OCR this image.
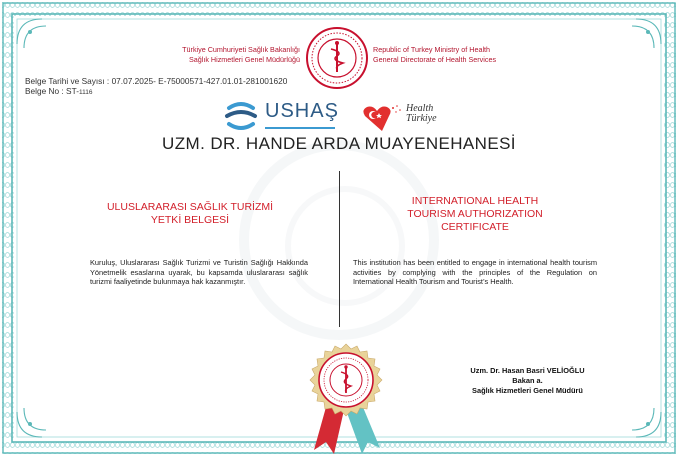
Türkiye Cumhuriyeti Sağlık Bakanlığı
Sağlık Hizmetleri Genel Müdürlüğü
Republic of Turkey Ministry of Health
General Directorate of Health Services
Belge Tarihi ve Sayısı : 07.07.2025- E-75000571-427.01.01-281001620
Belge No : ST-1116
USHAŞ	Health
Türkiye
UZM. DR. HANDE ARDA MUAYENEHANESİ
ULUSLARARASI SAĞLIK TURİZMİ
YETKİ BELGESİ
Kuruluş, Uluslararası Sağlık Turizmi ve Turistin Sağlığı Hakkında Yönetmelik esaslarına uyarak, bu kapsamda uluslararası sağlık turizmi faaliyetinde bulunmaya hak kazanmıştır.
INTERNATIONAL HEALTH
TOURISM AUTHORIZATION
CERTIFICATE
This institution has been entitled to engage in international health tourism activities by complying with the principles of the Regulation on International Health Tourism and Tourist’s Health.
Uzm. Dr. Hasan Basri VELİOĞLU
Bakan a.
Sağlık Hizmetleri Genel Müdürü
